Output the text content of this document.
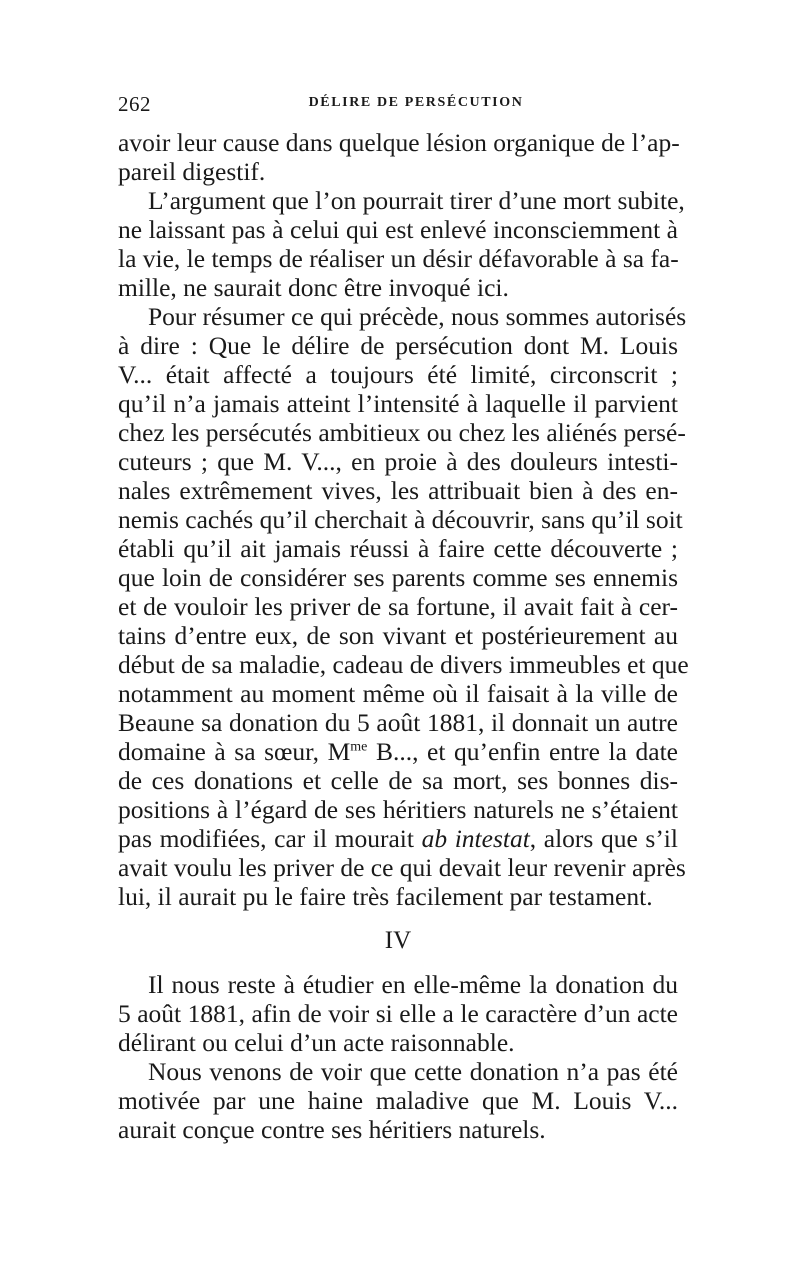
262	DÉLIRE DE PERSÉCUTION
avoir leur cause dans quelque lésion organique de l’ap-
pareil digestif.
L’argument que l’on pourrait tirer d’une mort subite,
ne laissant pas à celui qui est enlevé inconsciemment à
la vie, le temps de réaliser un désir défavorable à sa fa-
mille, ne saurait donc être invoqué ici.
Pour résumer ce qui précède, nous sommes autorisés
à dire : Que le délire de persécution dont M. Louis
V... était affecté a toujours été limité, circonscrit ;
qu’il n’a jamais atteint l’intensité à laquelle il parvient
chez les persécutés ambitieux ou chez les aliénés persé-
cuteurs ; que M. V..., en proie à des douleurs intesti-
nales extrêmement vives, les attribuait bien à des en-
nemis cachés qu’il cherchait à découvrir, sans qu’il soit
établi qu’il ait jamais réussi à faire cette découverte ;
que loin de considérer ses parents comme ses ennemis
et de vouloir les priver de sa fortune, il avait fait à cer-
tains d’entre eux, de son vivant et postérieurement au
début de sa maladie, cadeau de divers immeubles et que
notamment au moment même où il faisait à la ville de
Beaune sa donation du 5 août 1881, il donnait un autre
domaine à sa sœur, $M^{me}$ B..., et qu’enfin entre la date
de ces donations et celle de sa mort, ses bonnes dis-
positions à l’égard de ses héritiers naturels ne s’étaient
pas modifiées, car il mourait ab intestat, alors que s’il
avait voulu les priver de ce qui devait leur revenir après
lui, il aurait pu le faire très facilement par testament.
IV
Il nous reste à étudier en elle-même la donation du
5 août 1881, afin de voir si elle a le caractère d’un acte
délirant ou celui d’un acte raisonnable.
Nous venons de voir que cette donation n’a pas été
motivée par une haine maladive que M. Louis V...
aurait conçue contre ses héritiers naturels.
